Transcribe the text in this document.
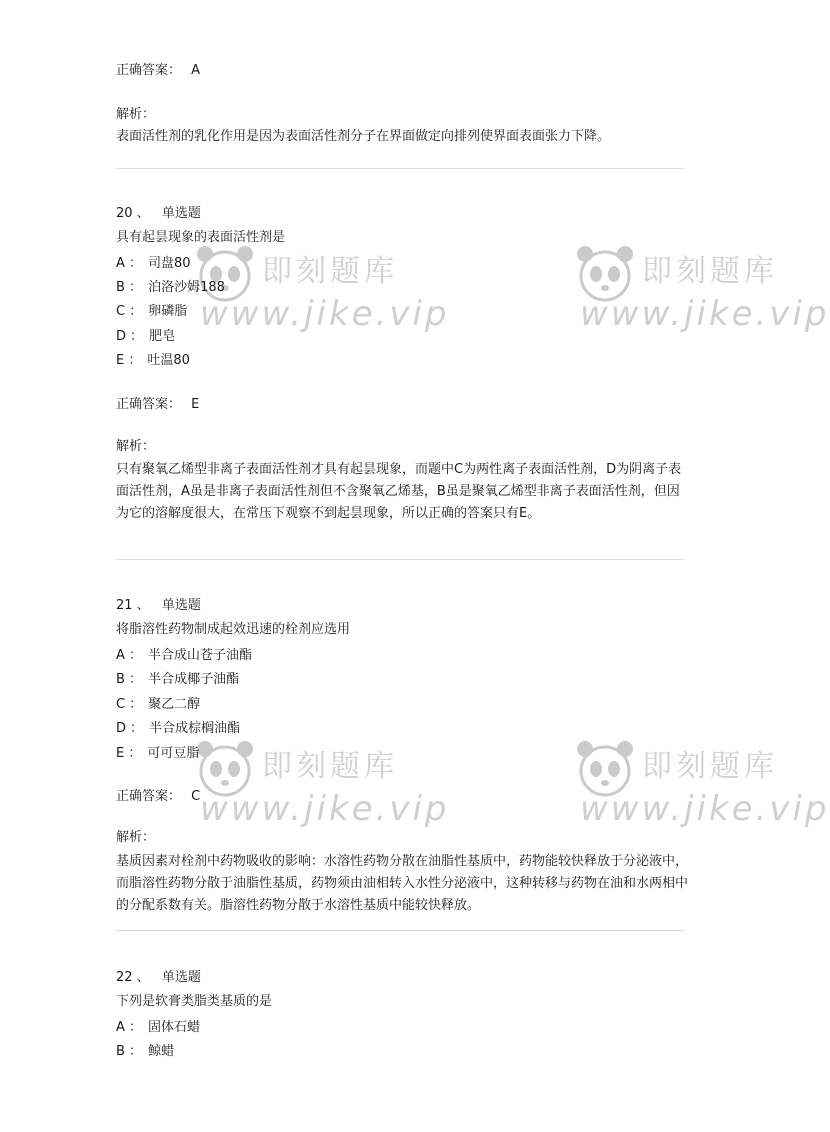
正确答案： A
解析：
表面活性剂的乳化作用是因为表面活性剂分子在界面做定向排列使界面表面张力下降。
20 、 单选题
具有起昙现象的表面活性剂是
A ： 司盘80
B ： 泊洛沙姆188
C ： 卵磷脂
D ： 肥皂
E ： 吐温80
正确答案： E
解析：
只有聚氧乙烯型非离子表面活性剂才具有起昙现象，而题中C为两性离子表面活性剂，D为阴离子表面活性剂，A虽是非离子表面活性剂但不含聚氧乙烯基，B虽是聚氧乙烯型非离子表面活性剂，但因为它的溶解度很大，在常压下观察不到起昙现象，所以正确的答案只有E。
21 、 单选题
将脂溶性药物制成起效迅速的栓剂应选用
A ： 半合成山苍子油酯
B ： 半合成椰子油酯
C ： 聚乙二醇
D ： 半合成棕榈油酯
E ： 可可豆脂
正确答案： C
解析：
基质因素对栓剂中药物吸收的影响：水溶性药物分散在油脂性基质中，药物能较快释放于分泌液中，而脂溶性药物分散于油脂性基质，药物须由油相转入水性分泌液中，这种转移与药物在油和水两相中的分配系数有关。脂溶性药物分散于水溶性基质中能较快释放。
22 、 单选题
下列是软膏类脂类基质的是
A ： 固体石蜡
B ： 鲸蜡
即刻题库
www.jike.vip
即刻题库
www.jike.vip
即刻题库
www.jike.vip
即刻题库
www.jike.vip
